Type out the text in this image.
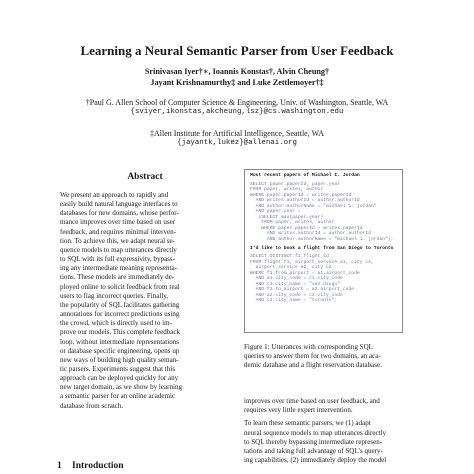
Learning a Neural Semantic Parser from User Feedback
Srinivasan Iyer†∗, Ioannis Konstas†, Alvin Cheung†
Jayant Krishnamurthy‡ and Luke Zettlemoyer†‡
†Paul G. Allen School of Computer Science & Engineering, Univ. of Washington, Seattle, WA
{sviyer,ikonstas,akcheung,lsz}@cs.washington.edu
‡Allen Institute for Artificial Intelligence, Seattle, WA
{jayantk,lukez}@allenai.org
Abstract
We present an approach to rapidly and
easily build natural language interfaces to
databases for new domains, whose perfor-
mance improves over time based on user
feedback, and requires minimal interven-
tion. To achieve this, we adapt neural se-
quence models to map utterances directly
to SQL with its full expressivity, bypass-
ing any intermediate meaning representa-
tions. These models are immediately de-
ployed online to solicit feedback from real
users to flag incorrect queries. Finally,
the popularity of SQL facilitates gathering
annotations for incorrect predictions using
the crowd, which is directly used to im-
prove our models. This complete feedback
loop, without intermediate representations
or database specific engineering, opens up
new ways of building high quality seman-
tic parsers. Experiments suggest that this
approach can be deployed quickly for any
new target domain, as we show by learning
a semantic parser for an online academic
database from scratch.
Most recent papers of Michael I. Jordan
SELECT paper.paperId, paper.year
FROM paper, writes, author
WHERE paper.paperId = writes.paperId
AND writes.authorId = author.authorId
AND author.authorName = "michael i. jordan"
AND paper.year =
(SELECT max(paper.year)
FROM paper, writes, author
WHERE paper.paperId = writes.paperId
AND writes.authorId = author.authorId
AND author.authorName = "michael i. jordan");
I'd like to book a flight from San Diego to Toronto
SELECT DISTINCT f1.flight_id
FROM flight f1, airport_service a1, city c1,
airport_service a2, city c2
WHERE f1.from_airport = a1.airport_code
AND a1.city_code = c1.city_code
AND c1.city_name = "san diego"
AND f1.to_airport = a2.airport_code
AND a2.city_code = c2.city_code
AND c2.city_name = "toronto";
Figure 1: Utterances with corresponding SQL
queries to answer them for two domains, an aca-
demic database and a flight reservation database.
improves over time based on user feedback, and
requires very little expert intervention.
To learn these semantic parsers, we (1) adapt
neural sequence models to map utterances directly
to SQL thereby bypassing intermediate represen-
tations and taking full advantage of SQL's query-
ing capabilities, (2) immediately deploy the model
1 Introduction
